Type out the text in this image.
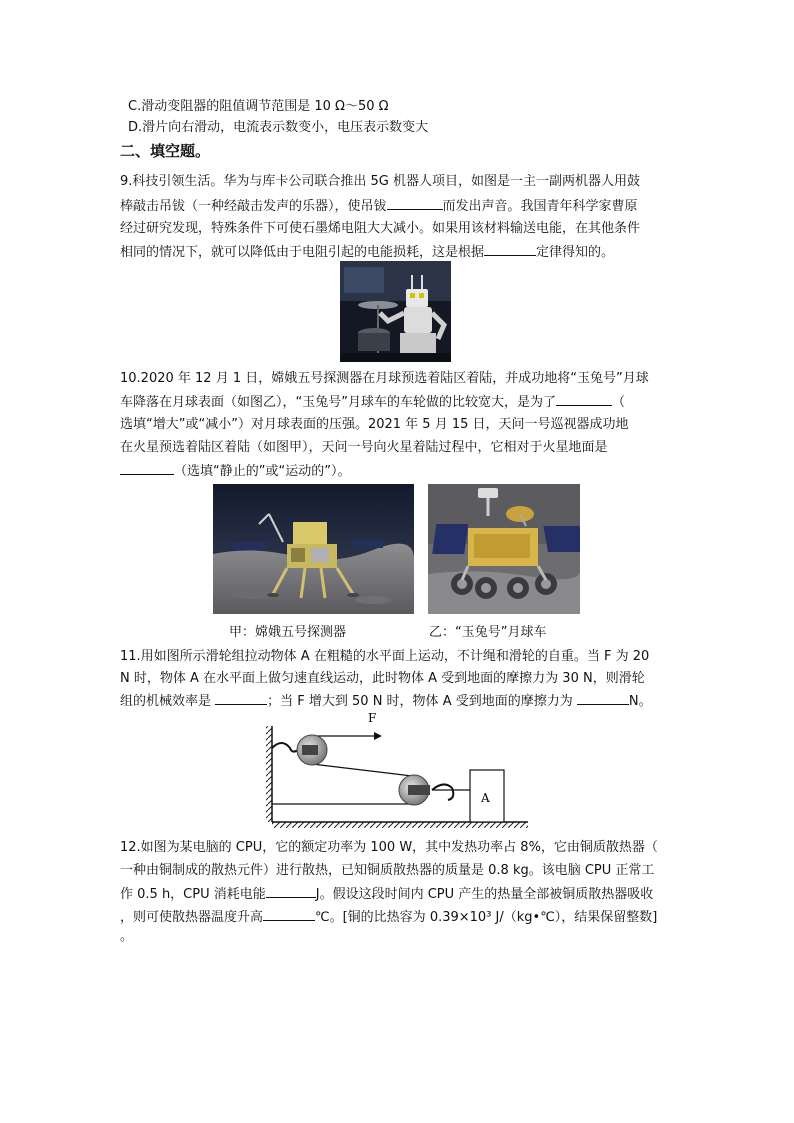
C.滑动变阻器的阻值调节范围是 10 Ω～50 Ω
D.滑片向右滑动，电流表示数变小，电压表示数变大
二、填空题。
9.科技引领生活。华为与库卡公司联合推出 5G 机器人项目，如图是一主一副两机器人用鼓
棒敲击吊钹（一种经敲击发声的乐器），使吊钹	而发出声音。我国青年科学家曹原
经过研究发现，特殊条件下可使石墨烯电阻大大减小。如果用该材料输送电能，在其他条件
相同的情况下，就可以降低由于电阻引起的电能损耗，这是根据	定律得知的。
10.2020 年 12 月 1 日，嫦娥五号探测器在月球预选着陆区着陆，并成功地将“玉兔号”月球
车降落在月球表面（如图乙），“玉兔号”月球车的车轮做的比较宽大，是为了	（
选填“增大”或“减小”）对月球表面的压强。2021 年 5 月 15 日，天问一号巡视器成功地
在火星预选着陆区着陆（如图甲），天问一号向火星着陆过程中，它相对于火星地面是
（选填“静止的”或“运动的”）。
甲：嫦娥五号探测器	乙：“玉兔号”月球车
11.用如图所示滑轮组拉动物体 A 在粗糙的水平面上运动，不计绳和滑轮的自重。当 F 为 20
N 时，物体 A 在水平面上做匀速直线运动，此时物体 A 受到地面的摩擦力为 30 N，则滑轮
组的机械效率是	；当 F 增大到 50 N 时，物体 A 受到地面的摩擦力为	N。
F
A
12.如图为某电脑的 CPU，它的额定功率为 100 W，其中发热功率占 8%，它由铜质散热器（
一种由铜制成的散热元件）进行散热，已知铜质散热器的质量是 0.8 kg。该电脑 CPU 正常工
作 0.5 h，CPU 消耗电能	J。假设这段时间内 CPU 产生的热量全部被铜质散热器吸收
，则可使散热器温度升高	℃。[铜的比热容为 0.39×10³ J/（kg•℃），结果保留整数]
。
